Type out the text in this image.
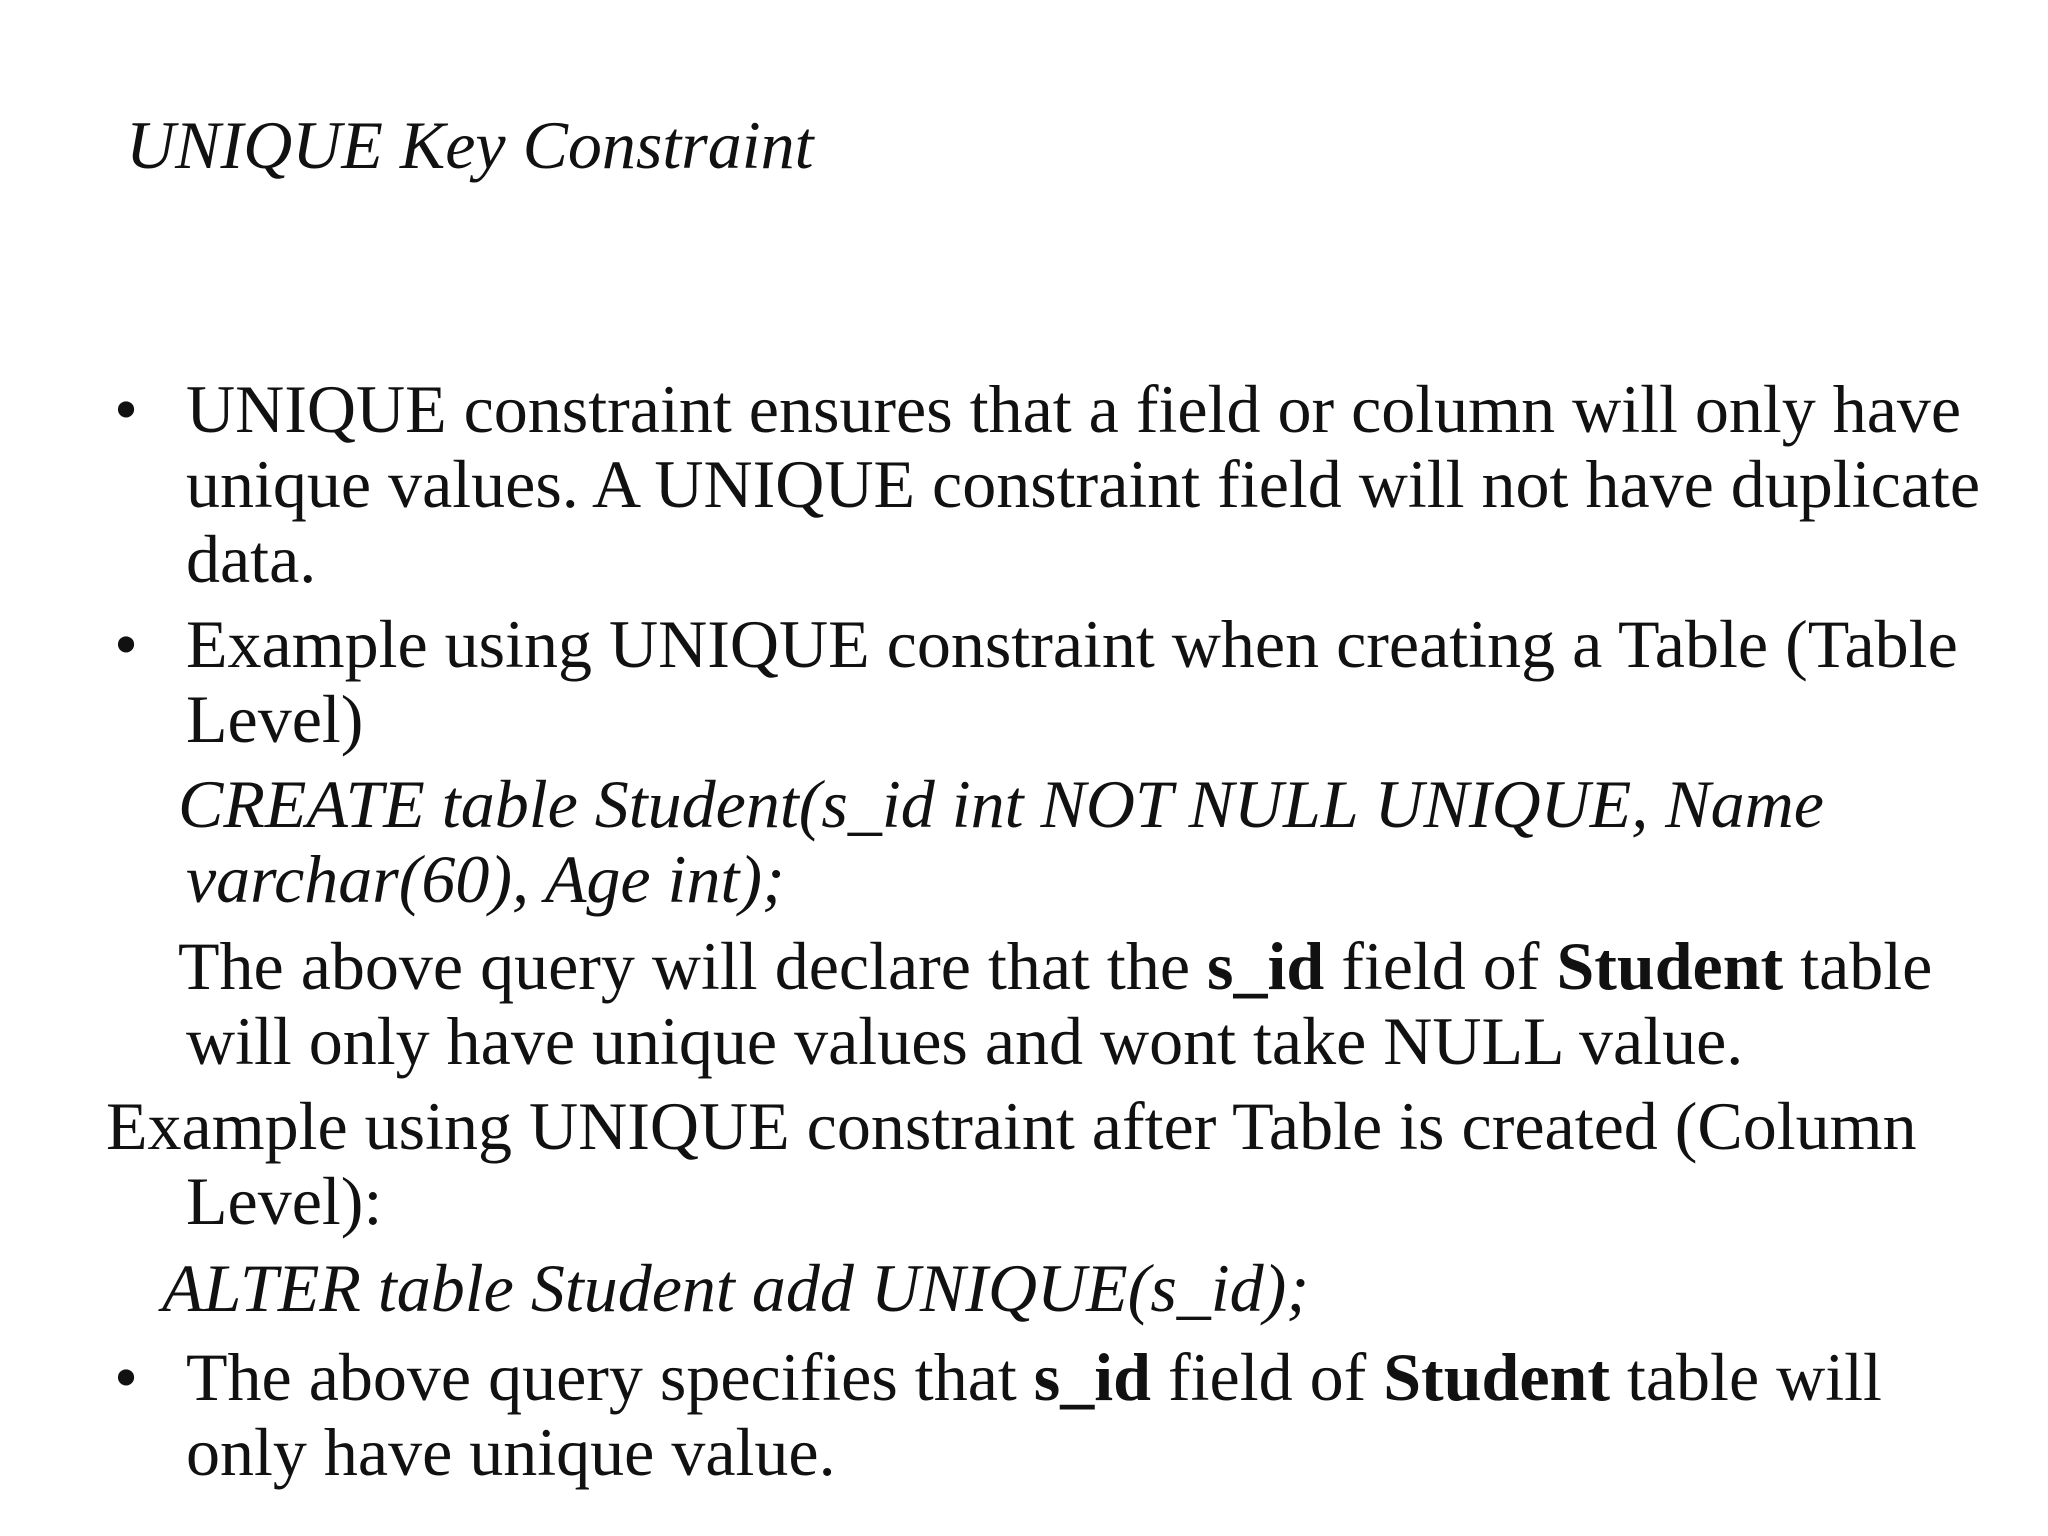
UNIQUE Key Constraint
• UNIQUE constraint ensures that a field or column will only have unique values. A UNIQUE constraint field will not have duplicate data.
• Example using UNIQUE constraint when creating a Table (Table Level)
CREATE table Student(s_id int NOT NULL UNIQUE, Name
varchar(60), Age int);
The above query will declare that the s_id field of Student table will only have unique values and wont take NULL value.
Example using UNIQUE constraint after Table is created (Column Level):
ALTER table Student add UNIQUE(s_id);
• The above query specifies that s_id field of Student table will only have unique value.
